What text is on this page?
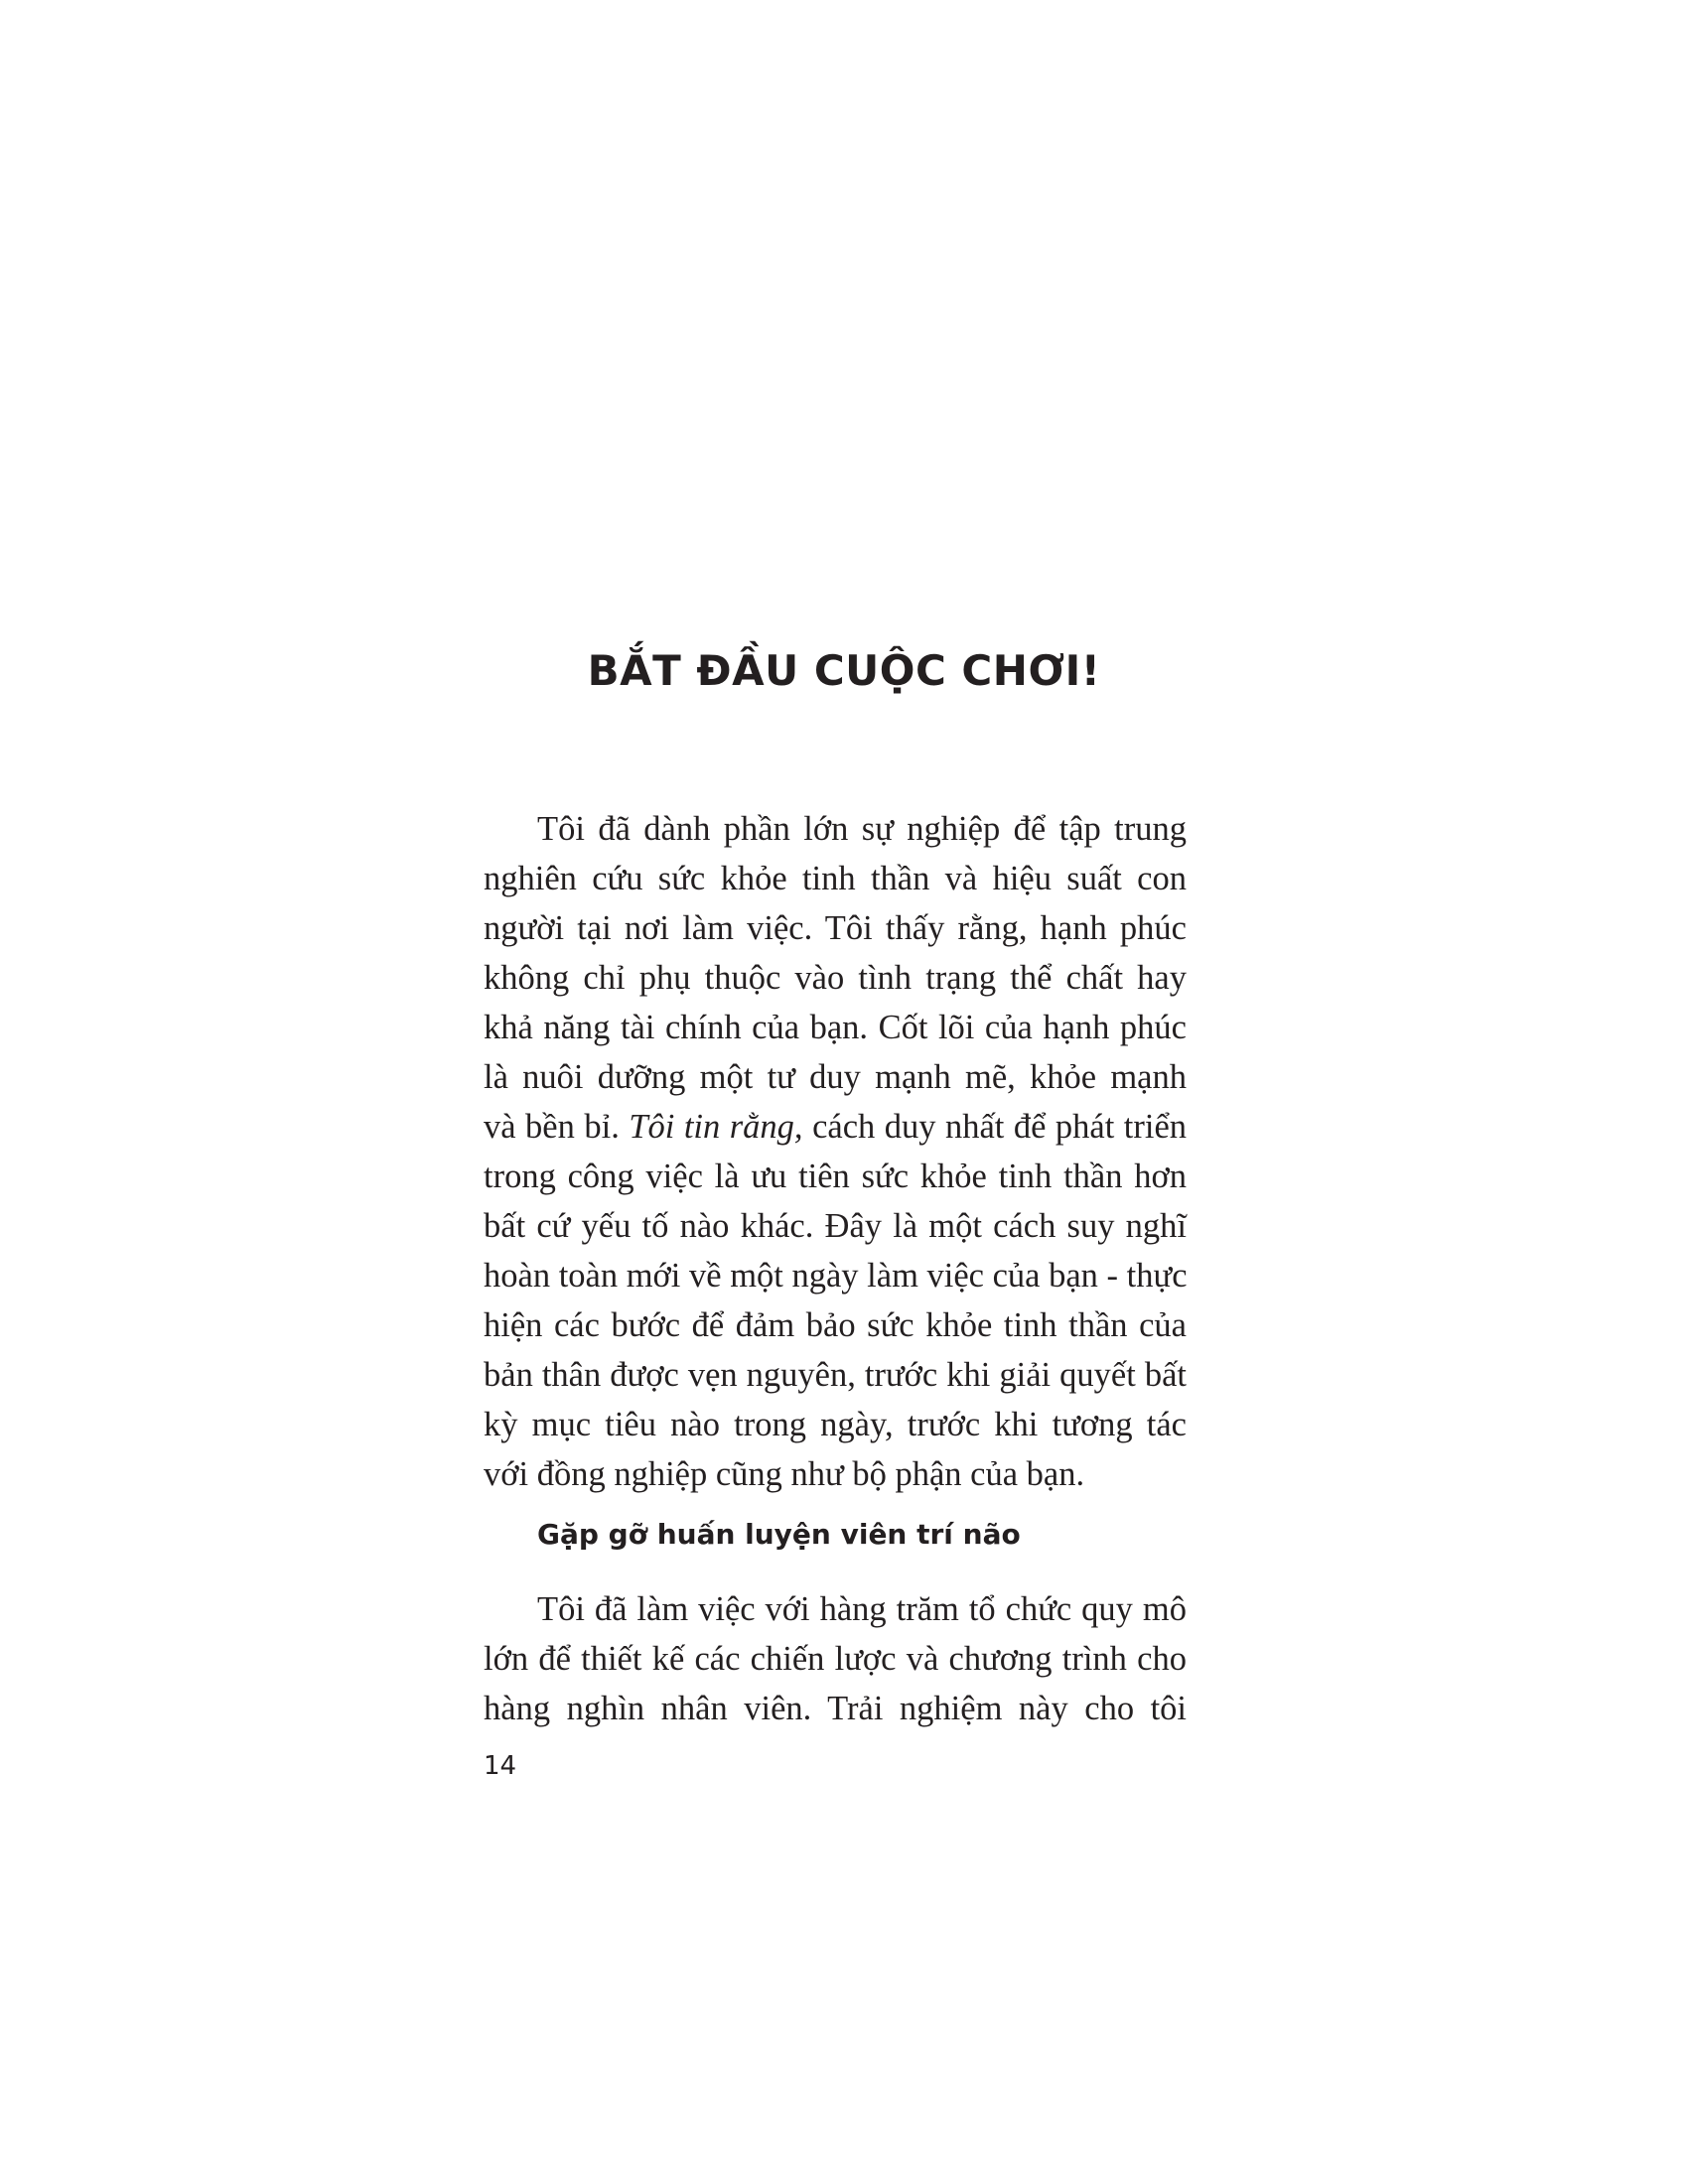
BẮT ĐẦU CUỘC CHƠI!
Tôi đã dành phần lớn sự nghiệp để tập trung
nghiên cứu sức khỏe tinh thần và hiệu suất con
người tại nơi làm việc. Tôi thấy rằng, hạnh phúc
không chỉ phụ thuộc vào tình trạng thể chất hay
khả năng tài chính của bạn. Cốt lõi của hạnh phúc
là nuôi dưỡng một tư duy mạnh mẽ, khỏe mạnh
và bền bỉ. Tôi tin rằng, cách duy nhất để phát triển
trong công việc là ưu tiên sức khỏe tinh thần hơn
bất cứ yếu tố nào khác. Đây là một cách suy nghĩ
hoàn toàn mới về một ngày làm việc của bạn - thực
hiện các bước để đảm bảo sức khỏe tinh thần của
bản thân được vẹn nguyên, trước khi giải quyết bất
kỳ mục tiêu nào trong ngày, trước khi tương tác
với đồng nghiệp cũng như bộ phận của bạn.
Gặp gỡ huấn luyện viên trí não
Tôi đã làm việc với hàng trăm tổ chức quy mô
lớn để thiết kế các chiến lược và chương trình cho
hàng nghìn nhân viên. Trải nghiệm này cho tôi
14
